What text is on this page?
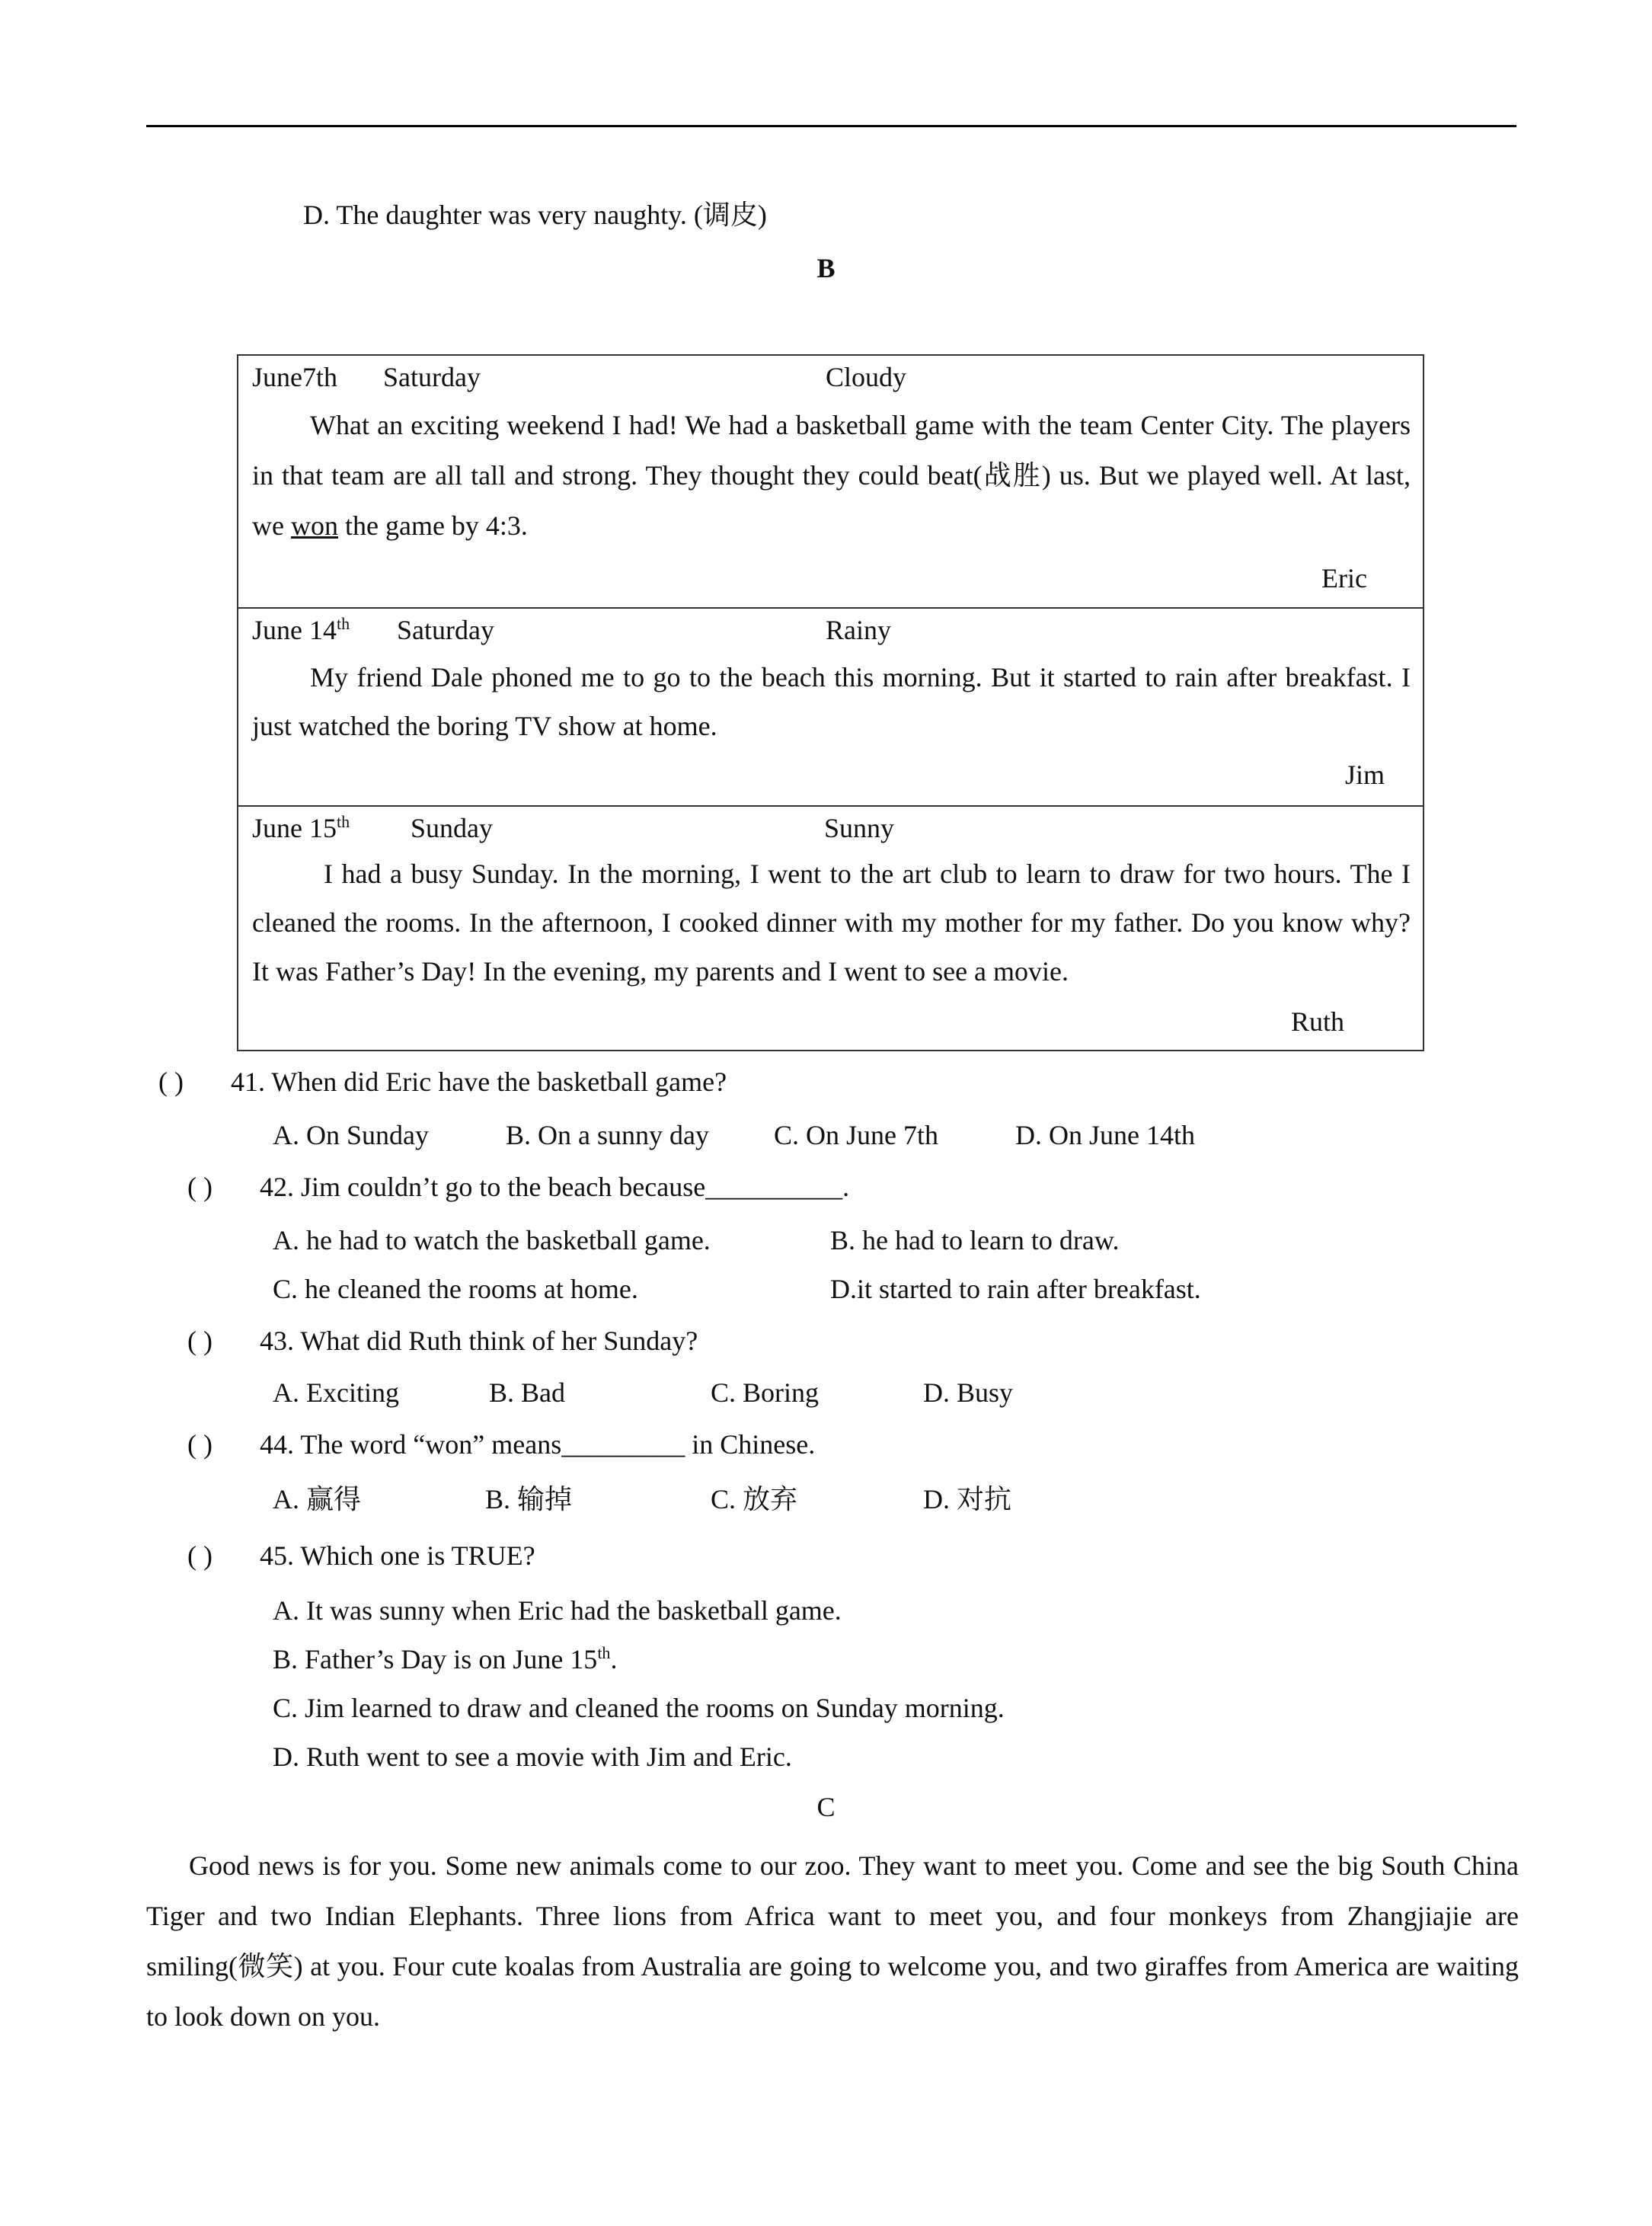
D. The daughter was very naughty. (调皮)
B
June7th Saturday	Cloudy
What an exciting weekend I had! We had a basketball game with the team Center City. The players in that team are all tall and strong. They thought they could beat(战胜) us. But we played well. At last, we won the game by 4:3.
Eric
June 14th Saturday	Rainy
My friend Dale phoned me to go to the beach this morning. But it started to rain after breakfast. I just watched the boring TV show at home.
Jim
June 15th Sunday	Sunny
I had a busy Sunday. In the morning, I went to the art club to learn to draw for two hours. The I cleaned the rooms. In the afternoon, I cooked dinner with my mother for my father. Do you know why? It was Father’s Day! In the evening, my parents and I went to see a movie.
Ruth
( ) 41. When did Eric have the basketball game?
A. On Sunday	B. On a sunny day C. On June 7th	D. On June 14th
( ) 42. Jim couldn’t go to the beach because__________.
A. he had to watch the basketball game.	B. he had to learn to draw.
C. he cleaned the rooms at home.	D.it started to rain after breakfast.
( ) 43. What did Ruth think of her Sunday?
A. Exciting	B. Bad	C. Boring	D. Busy
( ) 44. The word “won” means_________ in Chinese.
A. 赢得	B. 输掉	C. 放弃	D. 对抗
( ) 45. Which one is TRUE?
A. It was sunny when Eric had the basketball game.
B. Father’s Day is on June 15th.
C. Jim learned to draw and cleaned the rooms on Sunday morning.
D. Ruth went to see a movie with Jim and Eric.
C
Good news is for you. Some new animals come to our zoo. They want to meet you. Come and see the big South China Tiger and two Indian Elephants. Three lions from Africa want to meet you, and four monkeys from Zhangjiajie are smiling(微笑) at you. Four cute koalas from Australia are going to welcome you, and two giraffes from America are waiting to look down on you.
